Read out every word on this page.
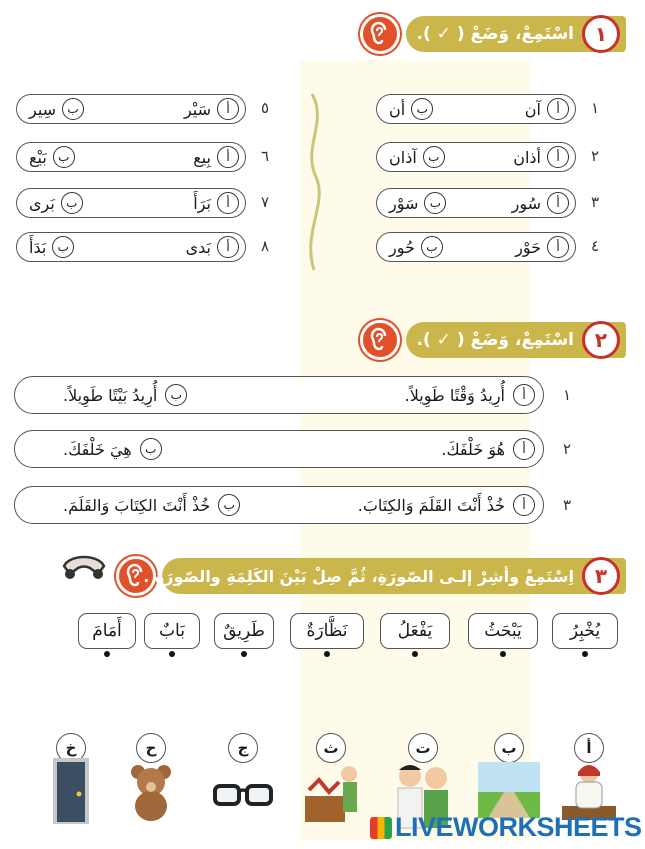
اسْتَمِعْ، وَضَعْ ( ✓ ).	١
أ
آن
ب
أن	١
أ
أذان
ب
آذان	٢
أ
سُور
ب
سَوْر	٣
أ
حَوْر
ب
حُور	٤
أ
سَيْر
ب
سِير	٥
أ
بِيع
ب
بَيْع	٦
أ
بَرَأَ
ب
بَرى	٧
أ
بَدى
ب
بَدَأَ	٨
اسْتَمِعْ، وَضَعْ ( ✓ ).	٢
أ
أُرِيدُ وَقْتًا طَوِيلاً.
ب
أُرِيدُ بَيْتًا طَوِيلاً.	١
أ
هُوَ خَلْفَكَ.
ب
هِيَ خَلْفَكَ.	٢
أ
خُذْ أَنْتَ القَلَمَ وَالكِتَابَ.
ب
خُذْ أَنْتَ الكِتَابَ وَالقَلَمَ.	٣
اِسْتَمِعْ وأشِرْ إلـى الصّورَةِ، ثُمَّ صِلْ بَيْنَ الكَلِمَةِ والصّورَةِ .	٣
يُخْبِرُ
يَبْحَثُ
يَفْعَلُ
نَظَّارَةٌ
طَرِيقٌ
بَابٌ
أَمَامَ
أ
ب
ت
ث
ج
ح
خ
LIVEWORKSHEETS
